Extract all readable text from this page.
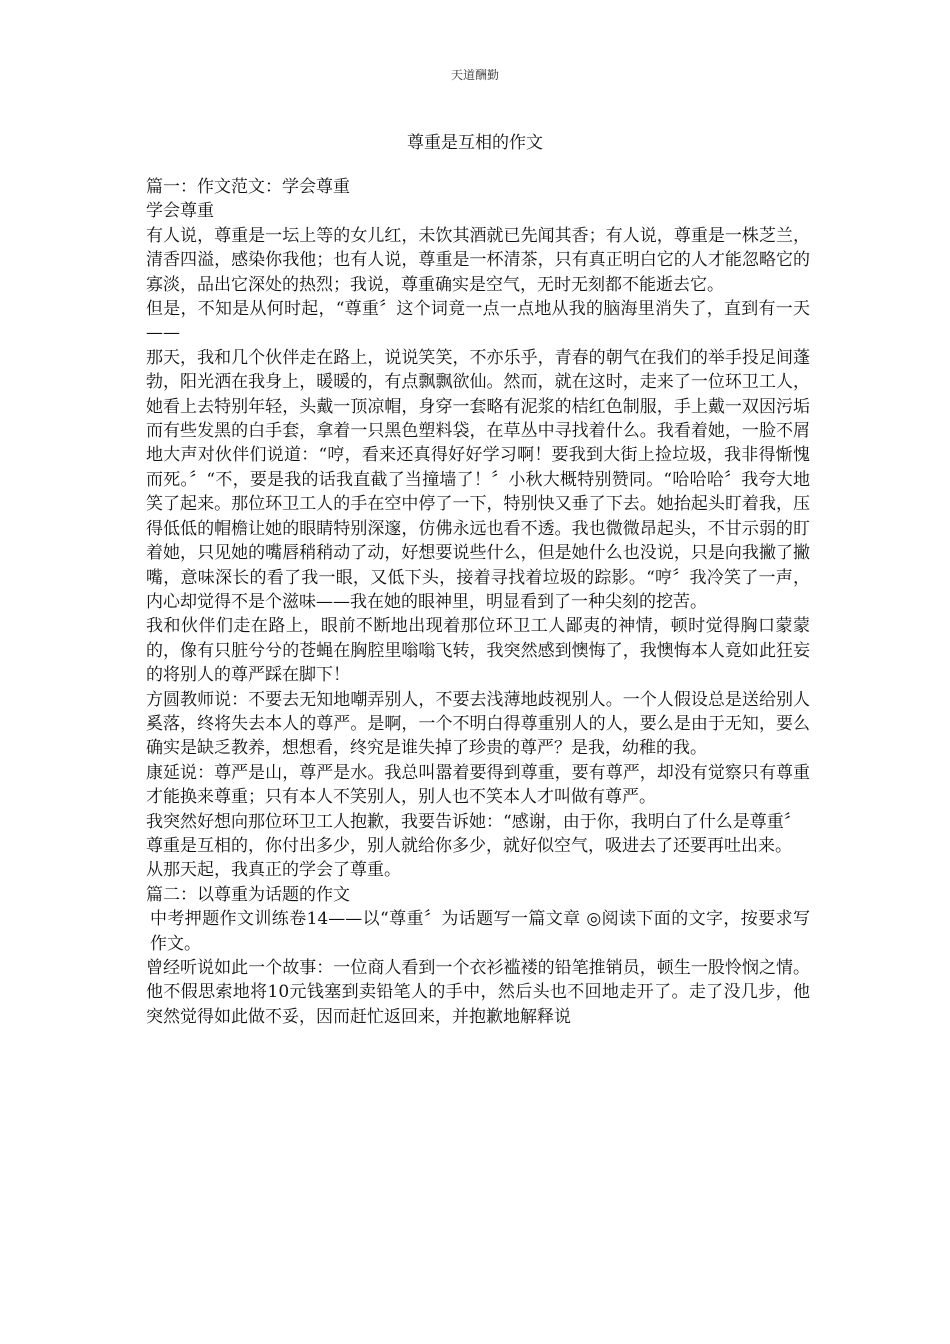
天道酬勤
尊重是互相的作文

篇一：作文范文：学会尊重

学会尊重

有人说，尊重是一坛上等的女儿红，未饮其酒就已先闻其香；有人说，尊重是一株芝兰，清香四溢，感染你我他；也有人说，尊重是一杯清茶，只有真正明白它的人才能忽略它的寡淡，品出它深处的热烈；我说，尊重确实是空气，无时无刻都不能逝去它。

但是，不知是从何时起，“尊重〞这个词竟一点一点地从我的脑海里消失了，直到有一天——

那天，我和几个伙伴走在路上，说说笑笑，不亦乐乎，青春的朝气在我们的举手投足间蓬勃，阳光洒在我身上，暖暖的，有点飘飘欲仙。然而，就在这时，走来了一位环卫工人，她看上去特别年轻，头戴一顶凉帽，身穿一套略有泥浆的桔红色制服，手上戴一双因污垢而有些发黑的白手套，拿着一只黑色塑料袋，在草丛中寻找着什么。我看着她，一脸不屑地大声对伙伴们说道：“哼，看来还真得好好学习啊！要我到大街上捡垃圾，我非得惭愧而死。〞“不，要是我的话我直截了当撞墙了！〞小秋大概特别赞同。“哈哈哈〞我夸大地笑了起来。那位环卫工人的手在空中停了一下，特别快又垂了下去。她抬起头盯着我，压得低低的帽檐让她的眼睛特别深邃，仿佛永远也看不透。我也微微昂起头，不甘示弱的盯着她，只见她的嘴唇稍稍动了动，好想要说些什么，但是她什么也没说，只是向我撇了撇嘴，意味深长的看了我一眼，又低下头，接着寻找着垃圾的踪影。“哼〞我冷笑了一声，内心却觉得不是个滋味——我在她的眼神里，明显看到了一种尖刻的挖苦。

我和伙伴们走在路上，眼前不断地出现着那位环卫工人鄙夷的神情，顿时觉得胸口蒙蒙的，像有只脏兮兮的苍蝇在胸腔里嗡嗡飞转，我突然感到懊悔了，我懊悔本人竟如此狂妄的将别人的尊严踩在脚下！

方圆教师说：不要去无知地嘲弄别人，不要去浅薄地歧视别人。一个人假设总是送给别人奚落，终将失去本人的尊严。是啊，一个不明白得尊重别人的人，要么是由于无知，要么确实是缺乏教养，想想看，终究是谁失掉了珍贵的尊严？是我，幼稚的我。

康延说：尊严是山，尊严是水。我总叫嚣着要得到尊重，要有尊严，却没有觉察只有尊重才能换来尊重；只有本人不笑别人，别人也不笑本人才叫做有尊严。

我突然好想向那位环卫工人抱歉，我要告诉她：“感谢，由于你，我明白了什么是尊重〞

尊重是互相的，你付出多少，别人就给你多少，就好似空气，吸进去了还要再吐出来。

从那天起，我真正的学会了尊重。

篇二：以尊重为话题的作文

中考押题作文训练卷14——以“尊重〞为话题写一篇文章 ◎阅读下面的文字，按要求写作文。

曾经听说如此一个故事：一位商人看到一个衣衫褴褛的铅笔推销员，顿生一股怜悯之情。他不假思索地将10元钱塞到卖铅笔人的手中，然后头也不回地走开了。走了没几步，他突然觉得如此做不妥，因而赶忙返回来，并抱歉地解释说
